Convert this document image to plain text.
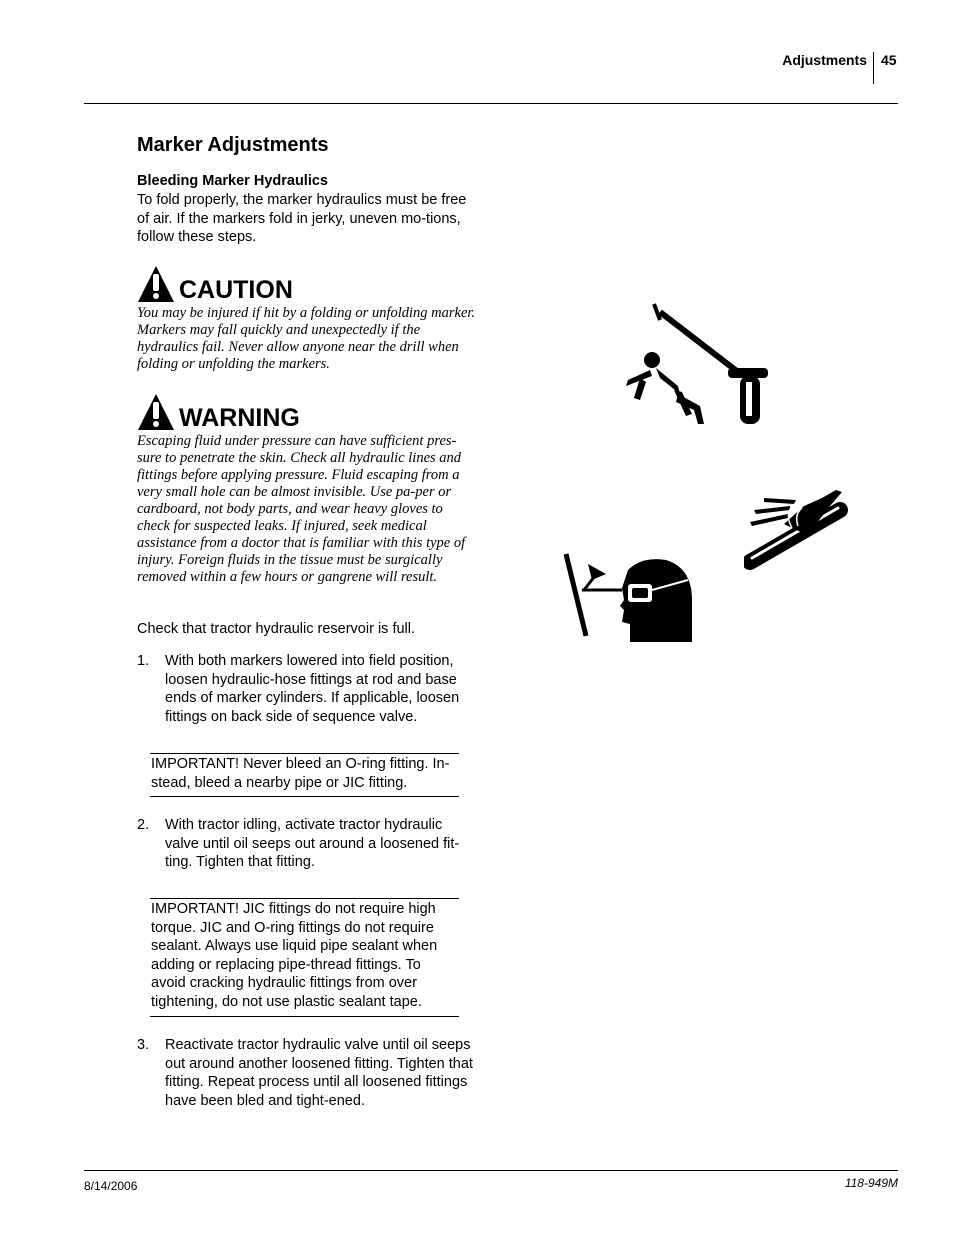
Adjustments 45
Marker Adjustments
Bleeding Marker Hydraulics
To fold properly, the marker hydraulics must be free of air. If the markers fold in jerky, uneven mo-tions, follow these steps.
CAUTION
You may be injured if hit by a folding or unfolding marker. Markers may fall quickly and unexpectedly if the hydraulics fail. Never allow anyone near the drill when folding or unfolding the markers.
WARNING
Escaping fluid under pressure can have sufficient pres-sure to penetrate the skin. Check all hydraulic lines and fittings before applying pressure. Fluid escaping from a very small hole can be almost invisible. Use pa-per or cardboard, not body parts, and wear heavy gloves to check for suspected leaks. If injured, seek medical assistance from a doctor that is familiar with this type of injury. Foreign fluids in the tissue must be surgically removed within a few hours or gangrene will result.
Check that tractor hydraulic reservoir is full.
1.	With both markers lowered into field position, loosen hydraulic-hose fittings at rod and base ends of marker cylinders. If applicable, loosen fittings on back side of sequence valve.
IMPORTANT! Never bleed an O-ring fitting. In-stead, bleed a nearby pipe or JIC fitting.
2.	With tractor idling, activate tractor hydraulic valve until oil seeps out around a loosened fit-ting. Tighten that fitting.
IMPORTANT! JIC fittings do not require high torque. JIC and O-ring fittings do not require sealant. Always use liquid pipe sealant when adding or replacing pipe-thread fittings. To avoid cracking hydraulic fittings from over tightening, do not use plastic sealant tape.
3.	Reactivate tractor hydraulic valve until oil seeps out around another loosened fitting. Tighten that fitting. Repeat process until all loosened fittings have been bled and tight-ened.
8/14/2006	118-949M
